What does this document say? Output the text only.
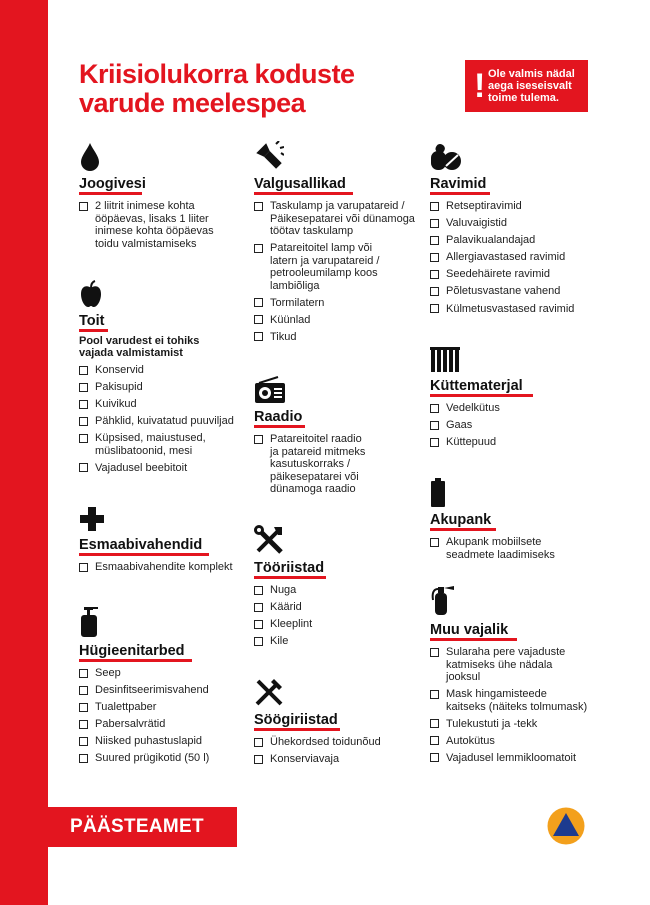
Kriisiolukorra koduste
varude meelespea	! Ole valmis nädal
aega iseseisvalt
toime tulema.
Joogivesi
2 liitrit inimese kohta
ööpäevas, lisaks 1 liiter
inimese kohta ööpäevas
toidu valmistamiseks
Toit
Pool varudest ei tohiks vajada valmistamist
Konservid
Pakisupid
Kuivikud
Pähklid, kuivatatud puuviljad
Küpsised, maiustused,
müslibatoonid, mesi
Vajadusel beebitoit
Esmaabivahendid
Esmaabivahendite komplekt
Hügieenitarbed
Seep
Desinfitseerimisvahend
Tualettpaber
Pabersalvrätid
Niisked puhastuslapid
Suured prügikotid (50 l)
Valgusallikad
Taskulamp ja varupatareid /
Päikesepatarei või dünamoga
töötav taskulamp
Patareitoitel lamp või
latern ja varupatareid /
petrooleumilamp koos
lambiõliga
Tormilatern
Küünlad
Tikud
Raadio
Patareitoitel raadio
ja patareid mitmeks
kasutuskorraks /
päikesepatarei või
dünamoga raadio
Tööriistad
Nuga
Käärid
Kleeplint
Kile
Söögiriistad
Ühekordsed toidunõud
Konserviavaja
Ravimid
Retseptiravimid
Valuvaigistid
Palavikualandajad
Allergiavastased ravimid
Seedehäirete ravimid
Põletusvastane vahend
Külmetusvastased ravimid
Küttematerjal
Vedelkütus
Gaas
Küttepuud
Akupank
Akupank mobiilsete
seadmete laadimiseks
Muu vajalik
Sularaha pere vajaduste
katmiseks ühe nädala
jooksul
Mask hingamisteede
kaitseks (näiteks tolmumask)
Tulekustuti ja -tekk
Autokütus
Vajadusel lemmikloomatoit
PÄÄSTEAMET
